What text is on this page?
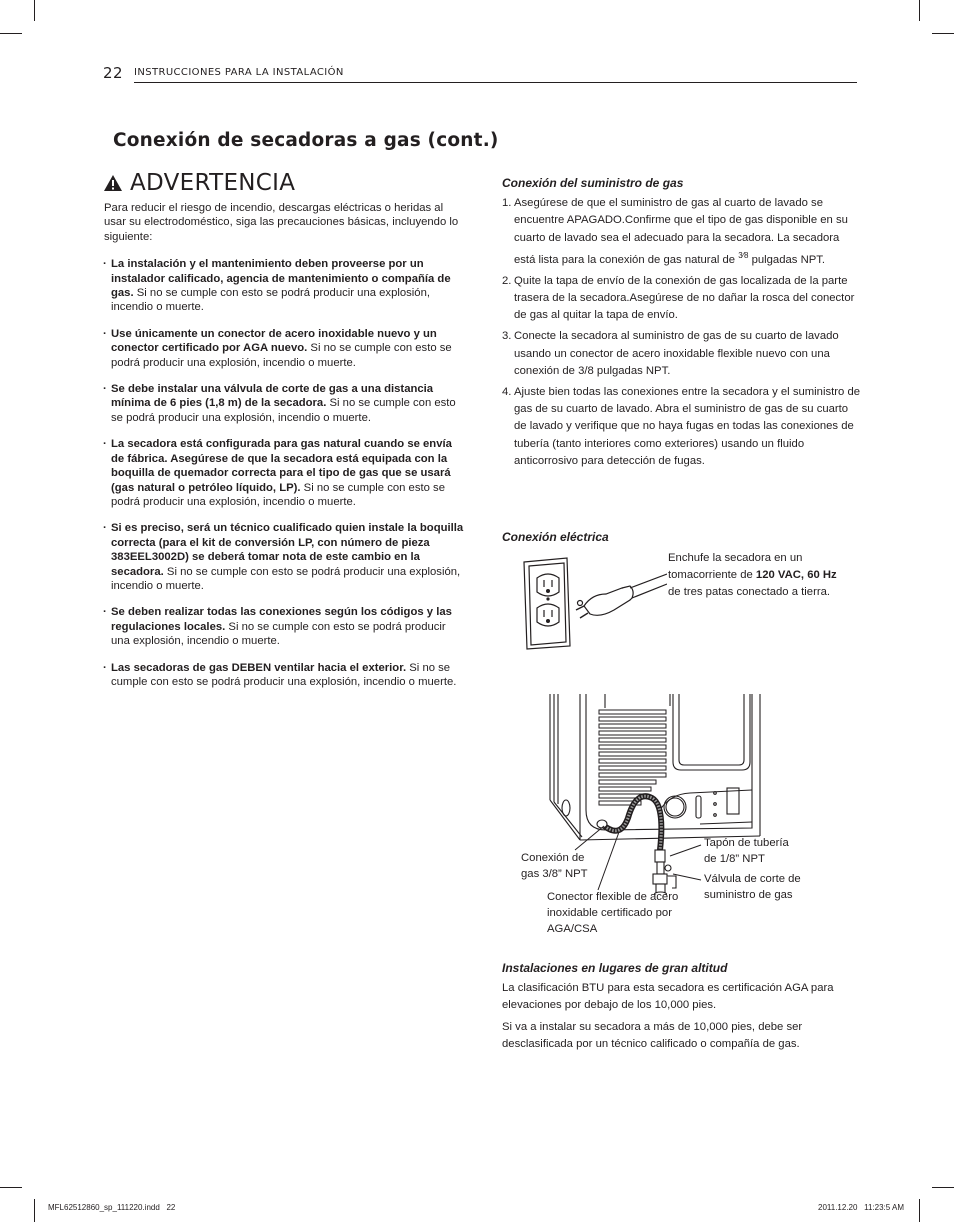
22 INSTRUCCIONES PARA LA INSTALACIÓN
Conexión de secadoras a gas (cont.)
ADVERTENCIA

Para reducir el riesgo de incendio, descargas eléctricas o heridas al usar su electrodoméstico, siga las precauciones básicas, incluyendo lo siguiente:

· La instalación y el mantenimiento deben proveerse por un instalador calificado, agencia de mantenimiento o compañía de gas. Si no se cumple con esto se podrá producir una explosión, incendio o muerte.
· Use únicamente un conector de acero inoxidable nuevo y un conector certificado por AGA nuevo. Si no se cumple con esto se podrá producir una explosión, incendio o muerte.
· Se debe instalar una válvula de corte de gas a una distancia mínima de 6 pies (1,8 m) de la secadora. Si no se cumple con esto se podrá producir una explosión, incendio o muerte.
· La secadora está configurada para gas natural cuando se envía de fábrica. Asegúrese de que la secadora está equipada con la boquilla de quemador correcta para el tipo de gas que se usará (gas natural o petróleo líquido, LP). Si no se cumple con esto se podrá producir una explosión, incendio o muerte.
· Si es preciso, será un técnico cualificado quien instale la boquilla correcta (para el kit de conversión LP, con número de pieza 383EEL3002D) se deberá tomar nota de este cambio en la secadora. Si no se cumple con esto se podrá producir una explosión, incendio o muerte.
· Se deben realizar todas las conexiones según los códigos y las regulaciones locales. Si no se cumple con esto se podrá producir una explosión, incendio o muerte.
· Las secadoras de gas DEBEN ventilar hacia el exterior. Si no se cumple con esto se podrá producir una explosión, incendio o muerte.
Conexión del suministro de gas
1. Asegúrese de que el suministro de gas al cuarto de lavado se encuentre APAGADO.Confirme que el tipo de gas disponible en su cuarto de lavado sea el adecuado para la secadora. La secadora está lista para la conexión de gas natural de $^{3⁄8}$ pulgadas NPT.
2. Quite la tapa de envío de la conexión de gas localizada de la parte trasera de la secadora.Asegúrese de no dañar la rosca del conector de gas al quitar la tapa de envío.
3. Conecte la secadora al suministro de gas de su cuarto de lavado usando un conector de acero inoxidable flexible nuevo con una conexión de 3/8 pulgadas NPT.
4. Ajuste bien todas las conexiones entre la secadora y el suministro de gas de su cuarto de lavado. Abra el suministro de gas de su cuarto de lavado y verifique que no haya fugas en todas las conexiones de tubería (tanto interiores como exteriores) usando un fluido anticorrosivo para detección de fugas.
Conexión eléctrica
Enchufe la secadora en un tomacorriente de 120 VAC, 60 Hz de tres patas conectado a tierra.
Conexión de gas 3/8” NPT
Conector flexible de acero inoxidable certificado por AGA/CSA
Tapón de tubería de 1/8” NPT
Válvula de corte de suministro de gas
Instalaciones en lugares de gran altitud

La clasificación BTU para esta secadora es certificación AGA para elevaciones por debajo de los 10,000 pies.

Si va a instalar su secadora a más de 10,000 pies, debe ser desclasificada por un técnico calificado o compañía de gas.

MFL62512860_sp_111220.indd   22	2011.12.20   11:23:5 AM
